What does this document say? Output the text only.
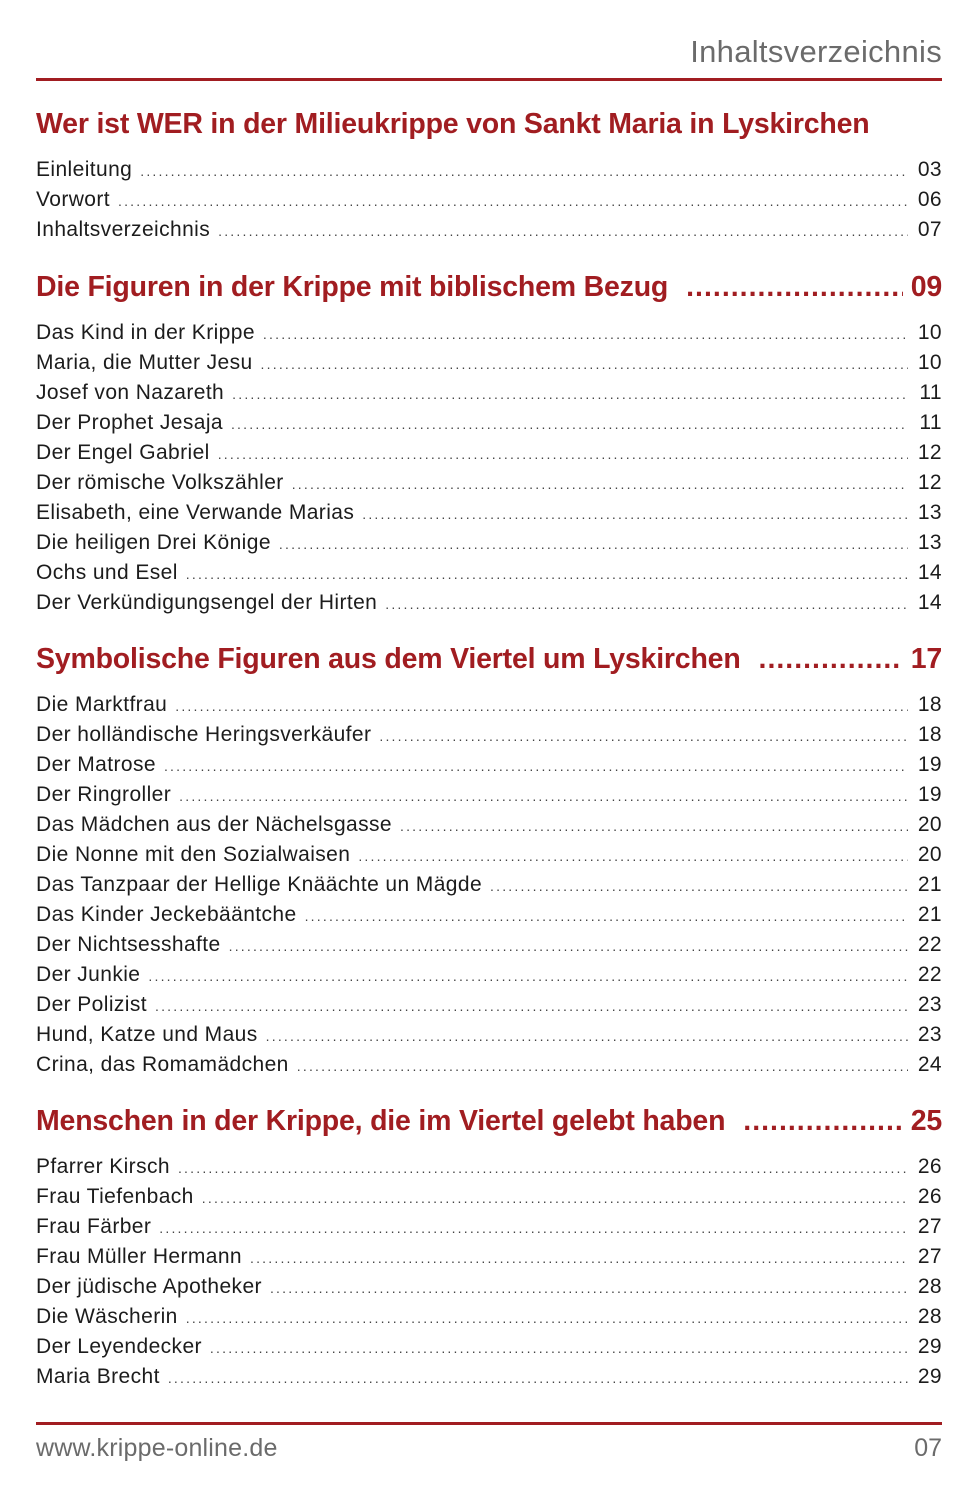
Inhaltsverzeichnis
Wer ist WER in der Milieukrippe von Sankt Maria in Lyskirchen
Einleitung .....	03
Vorwort .....	06
Inhaltsverzeichnis .....	07
Die Figuren in der Krippe mit biblischem Bezug .....	09
Das Kind in der Krippe .....	10
Maria, die Mutter Jesu .....	10
Josef von Nazareth .....	11
Der Prophet Jesaja .....	11
Der Engel Gabriel .....	12
Der römische Volkszähler .....	12
Elisabeth, eine Verwande Marias .....	13
Die heiligen Drei Könige .....	13
Ochs und Esel .....	14
Der Verkündigungsengel der Hirten .....	14
Symbolische Figuren aus dem Viertel um Lyskirchen .....	17
Die Marktfrau .....	18
Der holländische Heringsverkäufer .....	18
Der Matrose .....	19
Der Ringroller .....	19
Das Mädchen aus der Nächelsgasse .....	20
Die Nonne mit den Sozialwaisen .....	20
Das Tanzpaar der Hellige Knäächte un Mägde .....	21
Das Kinder Jeckebääntche .....	21
Der Nichtsesshafte .....	22
Der Junkie .....	22
Der Polizist .....	23
Hund, Katze und Maus .....	23
Crina, das Romamädchen .....	24
Menschen in der Krippe, die im Viertel gelebt haben .....	25
Pfarrer Kirsch .....	26
Frau Tiefenbach .....	26
Frau Färber .....	27
Frau Müller Hermann .....	27
Der jüdische Apotheker .....	28
Die Wäscherin .....	28
Der Leyendecker .....	29
Maria Brecht .....	29
www.krippe-online.de	07
